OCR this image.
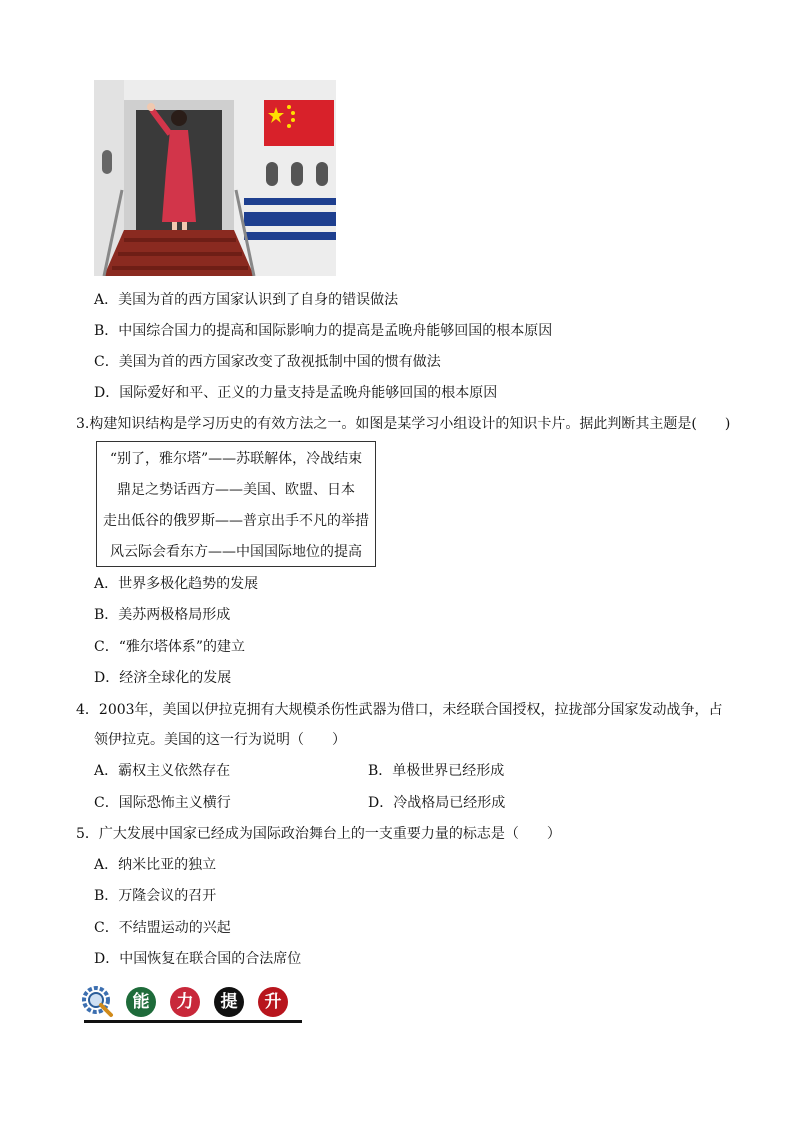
A．美国为首的西方国家认识到了自身的错误做法
B．中国综合国力的提高和国际影响力的提高是孟晚舟能够回国的根本原因
C．美国为首的西方国家改变了敌视抵制中国的惯有做法
D．国际爱好和平、正义的力量支持是孟晚舟能够回国的根本原因
3.构建知识结构是学习历史的有效方法之一。如图是某学习小组设计的知识卡片。据此判断其主题是(　　)
“别了，雅尔塔”——苏联解体，冷战结束
鼎足之势话西方——美国、欧盟、日本
走出低谷的俄罗斯——普京出手不凡的举措
风云际会看东方——中国国际地位的提高
A．世界多极化趋势的发展
B．美苏两极格局形成
C．“雅尔塔体系”的建立
D．经济全球化的发展
4．2003年，美国以伊拉克拥有大规模杀伤性武器为借口，未经联合国授权，拉拢部分国家发动战争，占
领伊拉克。美国的这一行为说明（　　）
A．霸权主义依然存在	B．单极世界已经形成
C．国际恐怖主义横行	D．冷战格局已经形成
5．广大发展中国家已经成为国际政治舞台上的一支重要力量的标志是（　　）
A．纳米比亚的独立
B．万隆会议的召开
C．不结盟运动的兴起
D．中国恢复在联合国的合法席位
能	力	提	升
